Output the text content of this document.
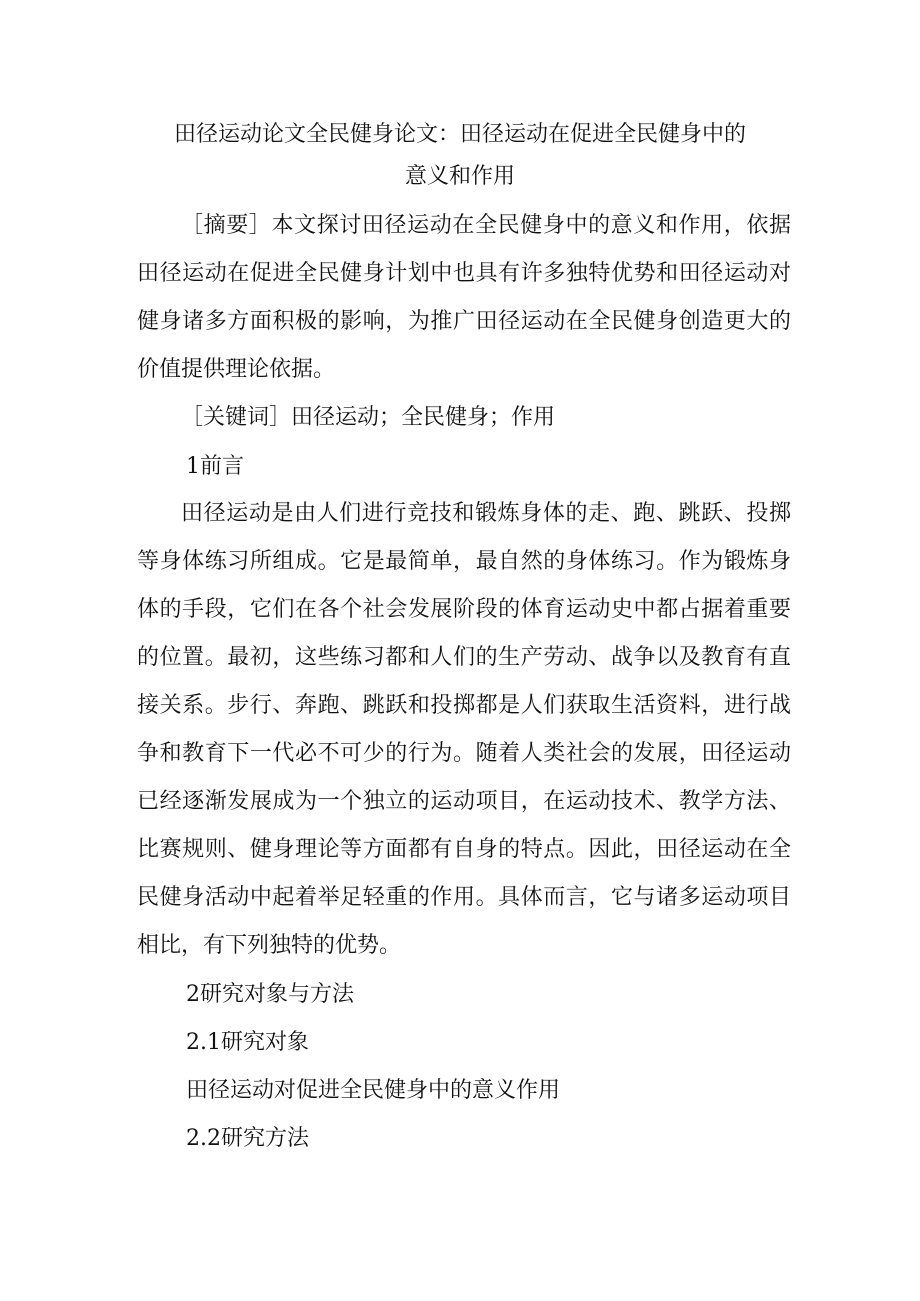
田径运动论文全民健身论文：田径运动在促进全民健身中的
意义和作用
［摘要］本文探讨田径运动在全民健身中的意义和作用，依据田径运动在促进全民健身计划中也具有许多独特优势和田径运动对健身诸多方面积极的影响，为推广田径运动在全民健身创造更大的价值提供理论依据。
［关键词］田径运动；全民健身；作用
1前言
田径运动是由人们进行竞技和锻炼身体的走、跑、跳跃、投掷等身体练习所组成。它是最简单，最自然的身体练习。作为锻炼身体的手段，它们在各个社会发展阶段的体育运动史中都占据着重要的位置。最初，这些练习都和人们的生产劳动、战争以及教育有直接关系。步行、奔跑、跳跃和投掷都是人们获取生活资料，进行战争和教育下一代必不可少的行为。随着人类社会的发展，田径运动已经逐渐发展成为一个独立的运动项目，在运动技术、教学方法、比赛规则、健身理论等方面都有自身的特点。因此，田径运动在全民健身活动中起着举足轻重的作用。具体而言，它与诸多运动项目相比，有下列独特的优势。
2研究对象与方法
2.1研究对象
田径运动对促进全民健身中的意义作用
2.2研究方法
